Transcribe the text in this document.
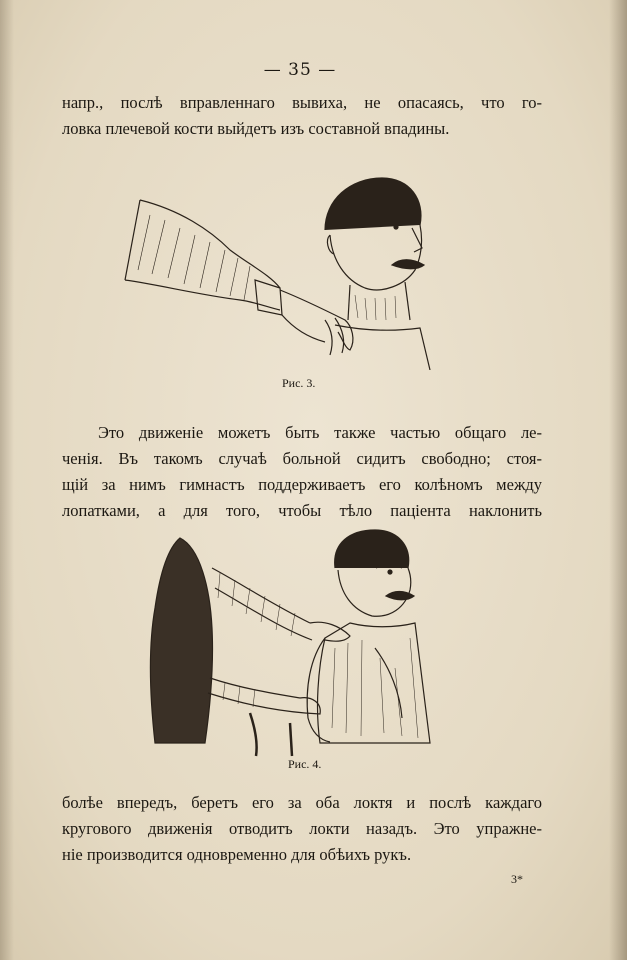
— 35 —
напр., послѣ вправленнаго вывиха, не опасаясь, что го-
ловка плечевой кости выйдетъ изъ составной впадины.
Рис. 3.
Это движеніе можетъ быть также частью общаго ле-
ченія. Въ такомъ случаѣ больной сидитъ свободно; стоя-
щій за нимъ гимнастъ поддерживаетъ его колѣномъ между
лопатками, а для того, чтобы тѣло пацiента наклонить
Рис. 4.
болѣе впередъ, беретъ его за оба локтя и послѣ каждаго
кругового движенія отводитъ локти назадъ. Это упражне-
ніе производится одновременно для обѣихъ рукъ.
3*
